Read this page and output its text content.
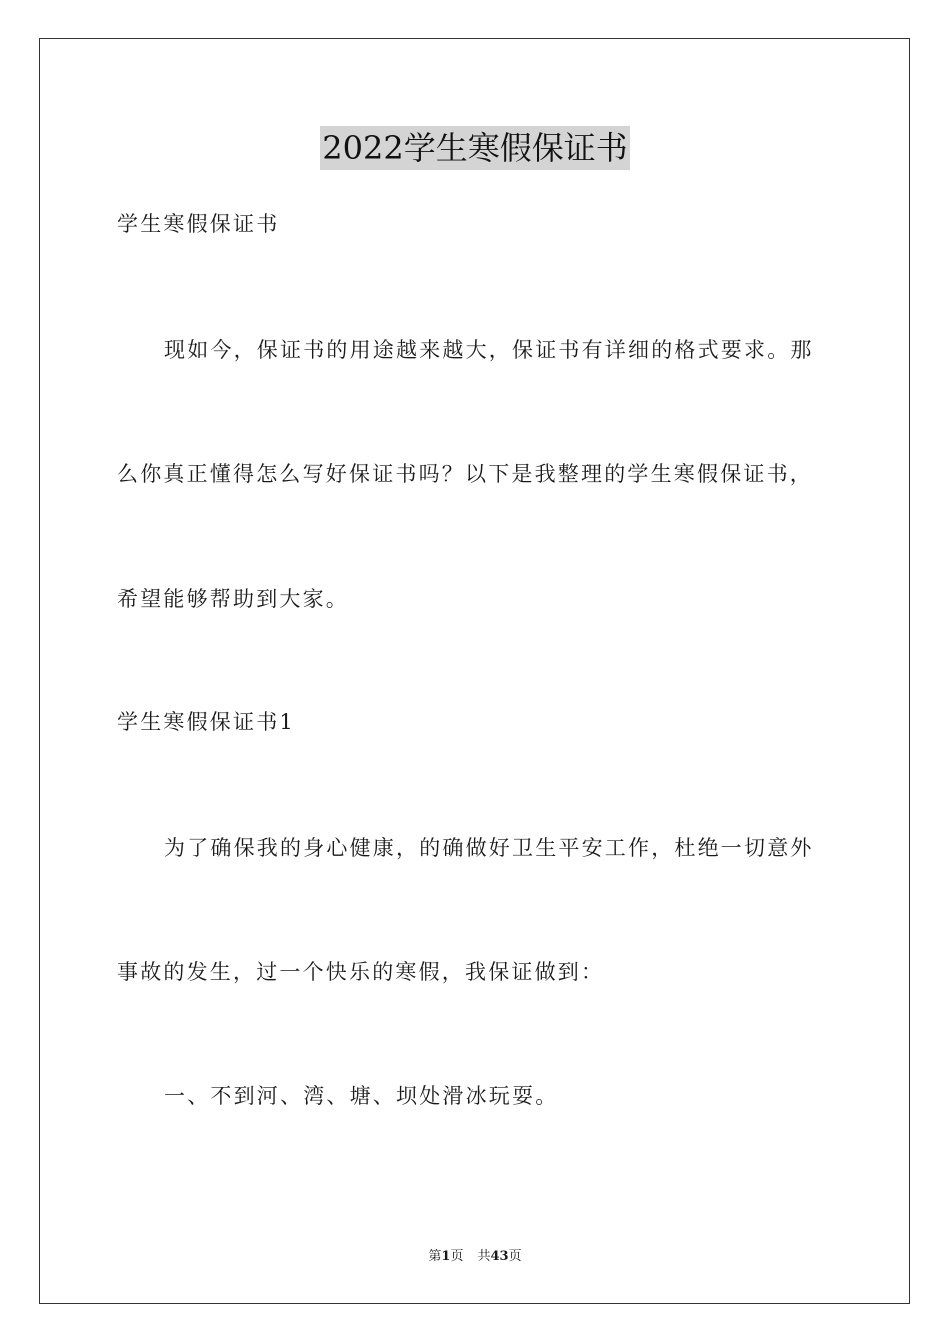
2022学生寒假保证书
学生寒假保证书
现如今，保证书的用途越来越大，保证书有详细的格式要求。那
么你真正懂得怎么写好保证书吗？以下是我整理的学生寒假保证书，
希望能够帮助到大家。
学生寒假保证书1
为了确保我的身心健康，的确做好卫生平安工作，杜绝一切意外
事故的发生，过一个快乐的寒假，我保证做到：
一、不到河、湾、塘、坝处滑冰玩耍。
第1页 共43页
